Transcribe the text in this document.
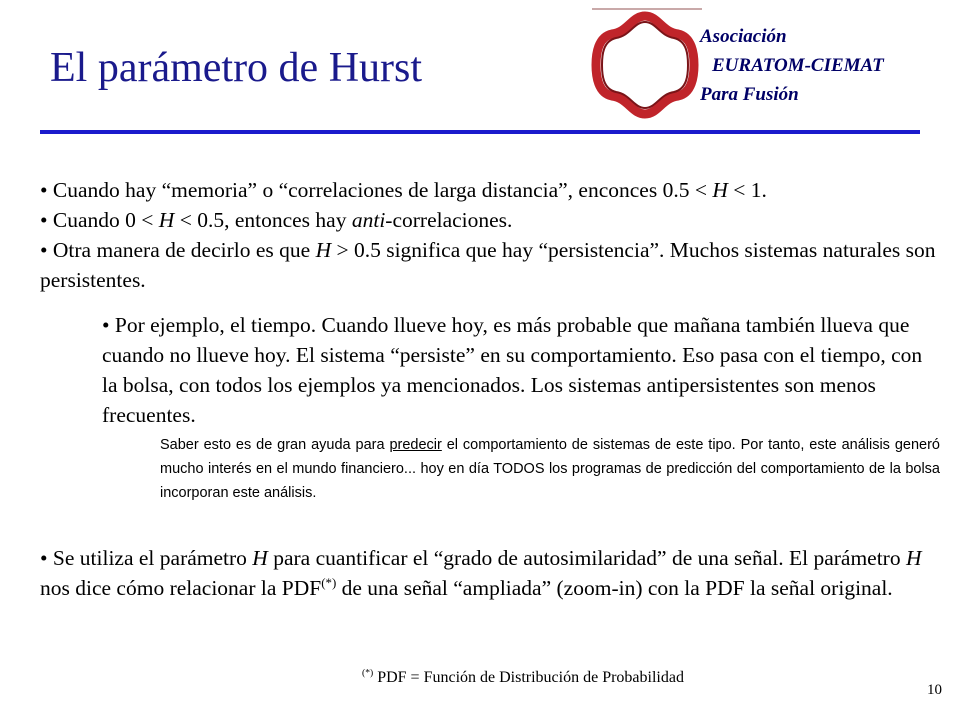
Asociación
EURATOM-CIEMAT
Para Fusión
El parámetro de Hurst

• Cuando hay “memoria” o “correlaciones de larga distancia”, enconces 0.5 < H < 1.

• Cuando 0 < H < 0.5, entonces hay anti-correlaciones.

• Otra manera de decirlo es que H > 0.5 significa que hay “persistencia”. Muchos sistemas naturales son persistentes.

• Por ejemplo, el tiempo. Cuando llueve hoy, es más probable que mañana también llueva que cuando no llueve hoy. El sistema “persiste” en su comportamiento. Eso pasa con el tiempo, con la bolsa, con todos los ejemplos ya mencionados. Los sistemas antipersistentes son menos frecuentes.

Saber esto es de gran ayuda para predecir el comportamiento de sistemas de este tipo. Por tanto, este análisis generó mucho interés en el mundo financiero... hoy en día TODOS los programas de predicción del comportamiento de la bolsa incorporan este análisis.

• Se utiliza el parámetro H para cuantificar el “grado de autosimilaridad” de una señal. El parámetro H nos dice cómo relacionar la PDF(*) de una señal “ampliada” (zoom-in) con la PDF la señal original.

(*) PDF = Función de Distribución de Probabilidad
10
